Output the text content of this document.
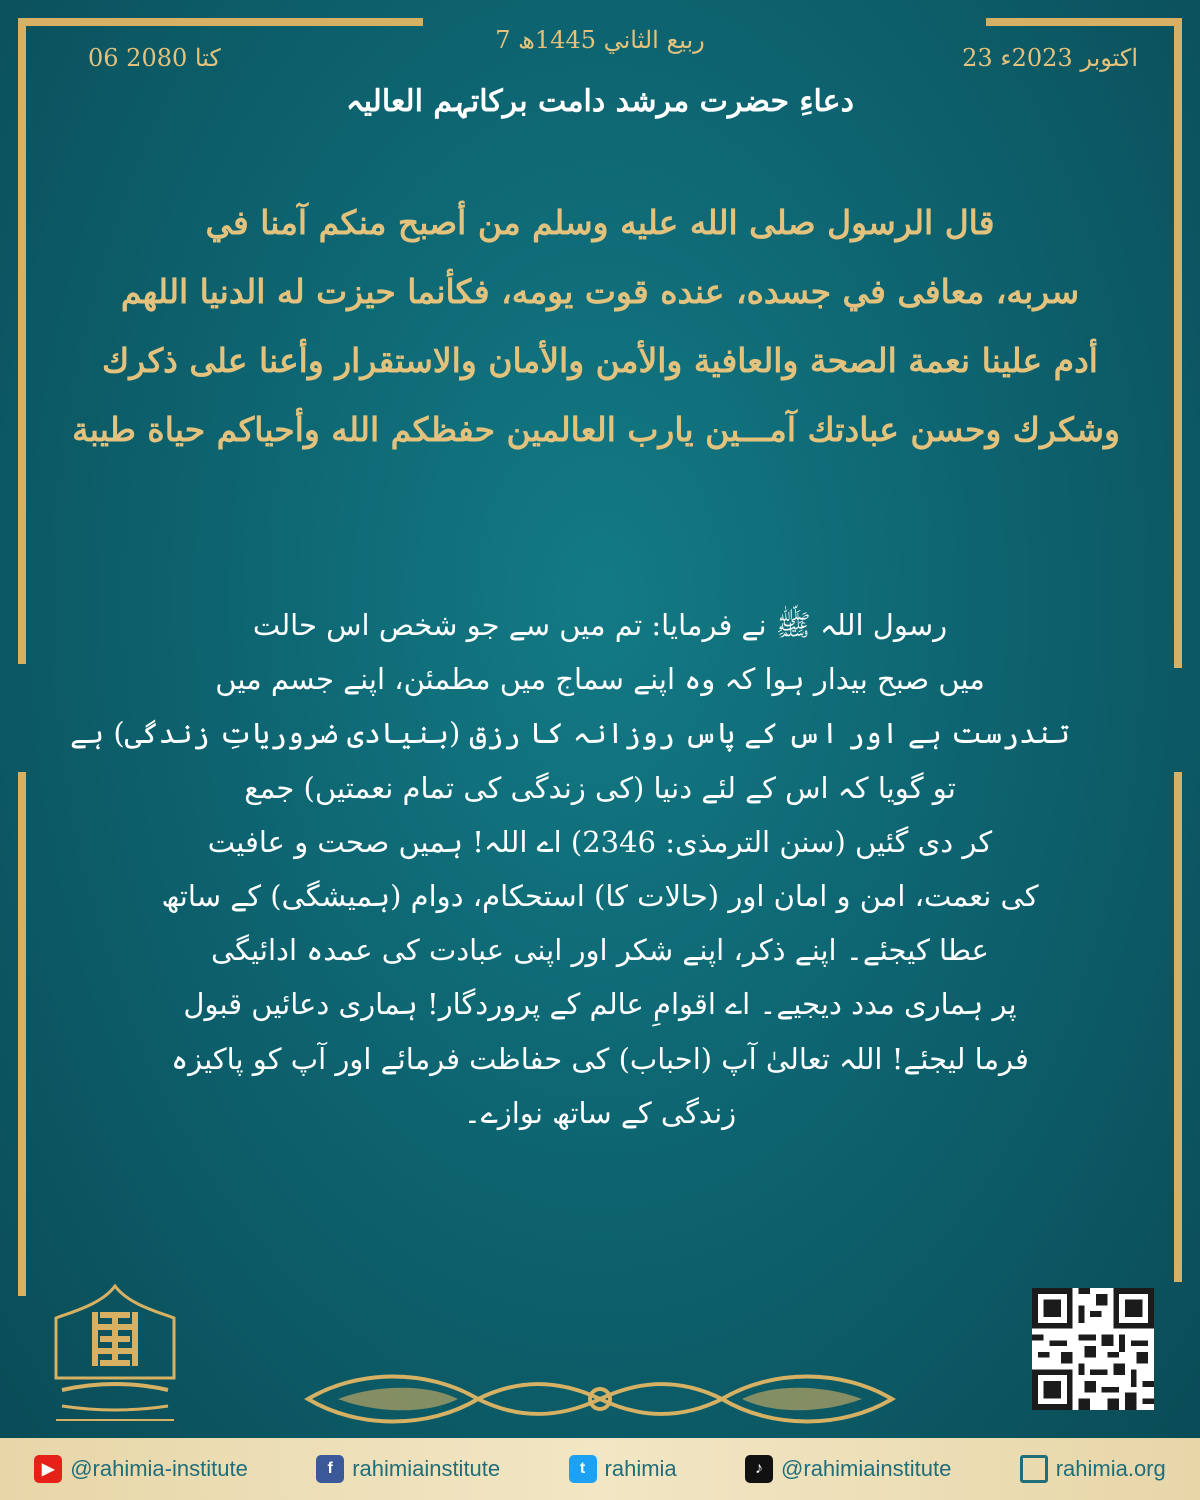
06 کتا 2080
7 ربيع الثاني 1445ھ
23 اکتوبر 2023ء
دعاءِ حضرت مرشد دامت برکاتہم العالیہ
قال الرسول صلى الله عليه وسلم من أصبح منكم آمنا في
سربه، معافى في جسده، عنده قوت يومه، فكأنما حيزت له الدنيا اللهم
أدم علينا نعمة الصحة والعافية والأمن والأمان والاستقرار وأعنا على ذكرك
وشكرك وحسن عبادتك آمـــين يارب العالمين حفظكم الله وأحياكم حياة طيبة
رسول اللہ ﷺ نے فرمایا: تم میں سے جو شخص اس حالت
میں صبح بیدار ہوا کہ وہ اپنے سماج میں مطمئن، اپنے جسم میں
تندرست ہے اور اس کے پاس روزانہ کا رزق (بنیادی ضروریاتِ زندگی) ہے
تو گویا کہ اس کے لئے دنیا (کی زندگی کی تمام نعمتیں) جمع
کر دی گئیں (سنن الترمذی: 2346) اے اللہ! ہمیں صحت و عافیت
کی نعمت، امن و امان اور (حالات کا) استحکام، دوام (ہمیشگی) کے ساتھ
عطا کیجئے۔ اپنے ذکر، اپنے شکر اور اپنی عبادت کی عمدہ ادائیگی
پر ہماری مدد دیجیے۔ اے اقوامِ عالم کے پروردگار! ہماری دعائیں قبول
فرما لیجئے! اللہ تعالیٰ آپ (احباب) کی حفاظت فرمائے اور آپ کو پاکیزہ
زندگی کے ساتھ نوازے۔
▶ @rahimia-institute	f rahimiainstitute	t rahimia	♪ @rahimiainstitute	rahimia.org
